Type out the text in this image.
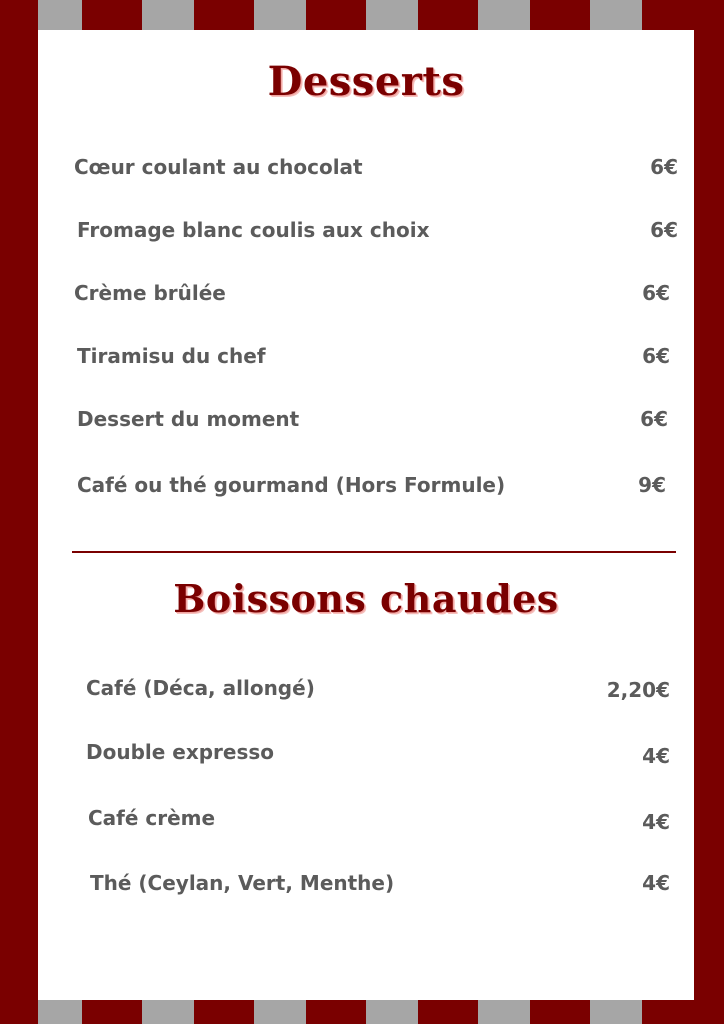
Desserts

Cœur coulant au chocolat	6€

Fromage blanc coulis aux choix	6€

Crème brûlée	6€

Tiramisu du chef	6€

Dessert du moment	6€

Café ou thé gourmand (Hors Formule)	9€
Boissons chaudes

Café (Déca, allongé)	2,20€

Double expresso	4€

Café crème	4€

Thé (Ceylan, Vert, Menthe)	4€
